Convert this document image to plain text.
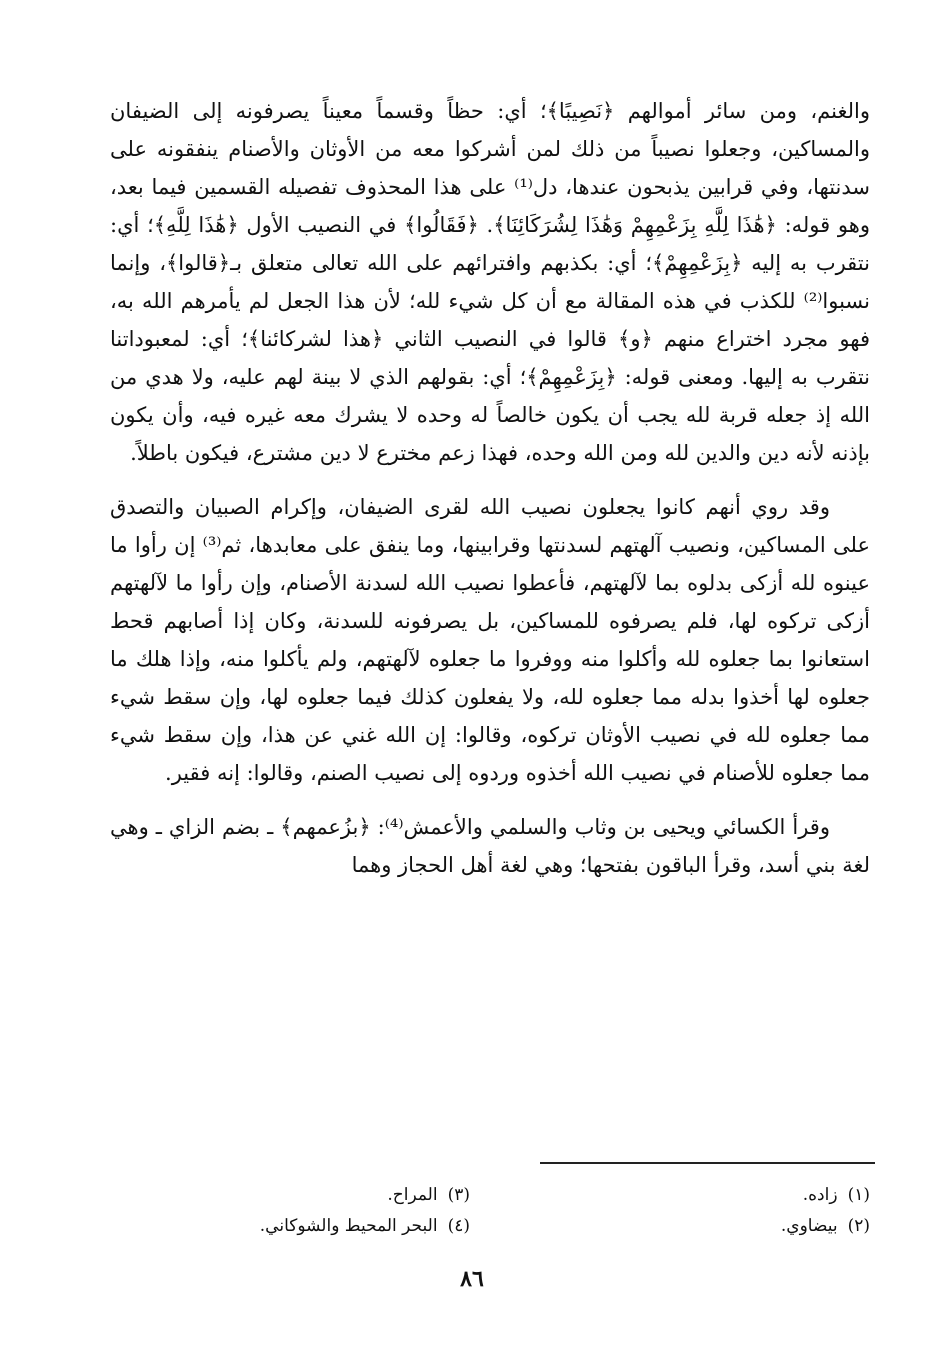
والغنم، ومن سائر أموالهم ﴿نَصِيبًا﴾؛ أي: حظاً وقسماً معيناً يصرفونه إلى الضيفان والمساكين، وجعلوا نصيباً من ذلك لمن أشركوا معه من الأوثان والأصنام ينفقونه على سدنتها، وفي قرابين يذبحون عندها، دل⁽¹⁾ على هذا المحذوف تفصيله القسمين فيما بعد، وهو قوله: ﴿هَٰذَا لِلَّهِ بِزَعْمِهِمْ وَهَٰذَا لِشُرَكَائِنَا﴾. ﴿فَقَالُوا﴾ في النصيب الأول ﴿هَٰذَا لِلَّهِ﴾؛ أي: نتقرب به إليه ﴿بِزَعْمِهِمْ﴾؛ أي: بكذبهم وافترائهم على الله تعالى متعلق بـ﴿قالوا﴾، وإنما نسبوا⁽²⁾ للكذب في هذه المقالة مع أن كل شيء لله؛ لأن هذا الجعل لم يأمرهم الله به، فهو مجرد اختراع منهم ﴿و﴾ قالوا في النصيب الثاني ﴿هذا لشركائنا﴾؛ أي: لمعبوداتنا نتقرب به إليها. ومعنى قوله: ﴿بِزَعْمِهِمْ﴾؛ أي: بقولهم الذي لا بينة لهم عليه، ولا هدي من الله إذ جعله قربة لله يجب أن يكون خالصاً له وحده لا يشرك معه غيره فيه، وأن يكون بإذنه لأنه دين والدين لله ومن الله وحده، فهذا زعم مخترع لا دين مشترع، فيكون باطلاً.

وقد روي أنهم كانوا يجعلون نصيب الله لقرى الضيفان، وإكرام الصبيان والتصدق على المساكين، ونصيب آلهتهم لسدنتها وقرابينها، وما ينفق على معابدها، ثم⁽³⁾ إن رأوا ما عينوه لله أزكى بدلوه بما لآلهتهم، فأعطوا نصيب الله لسدنة الأصنام، وإن رأوا ما لآلهتهم أزكى تركوه لها، فلم يصرفوه للمساكين، بل يصرفونه للسدنة، وكان إذا أصابهم قحط استعانوا بما جعلوه لله وأكلوا منه ووفروا ما جعلوه لآلهتهم، ولم يأكلوا منه، وإذا هلك ما جعلوه لها أخذوا بدله مما جعلوه لله، ولا يفعلون كذلك فيما جعلوه لها، وإن سقط شيء مما جعلوه لله في نصيب الأوثان تركوه، وقالوا: إن الله غني عن هذا، وإن سقط شيء مما جعلوه للأصنام في نصيب الله أخذوه وردوه إلى نصيب الصنم، وقالوا: إنه فقير.

وقرأ الكسائي ويحيى بن وثاب والسلمي والأعمش⁽⁴⁾: ﴿بزُعمهم﴾ ـ بضم الزاي ـ وهي لغة بني أسد، وقرأ الباقون بفتحها؛ وهي لغة أهل الحجاز وهما

(١)زاده.
(٢)بيضاوي.
(٣)المراح.
(٤)البحر المحيط والشوكاني.
٨٦
